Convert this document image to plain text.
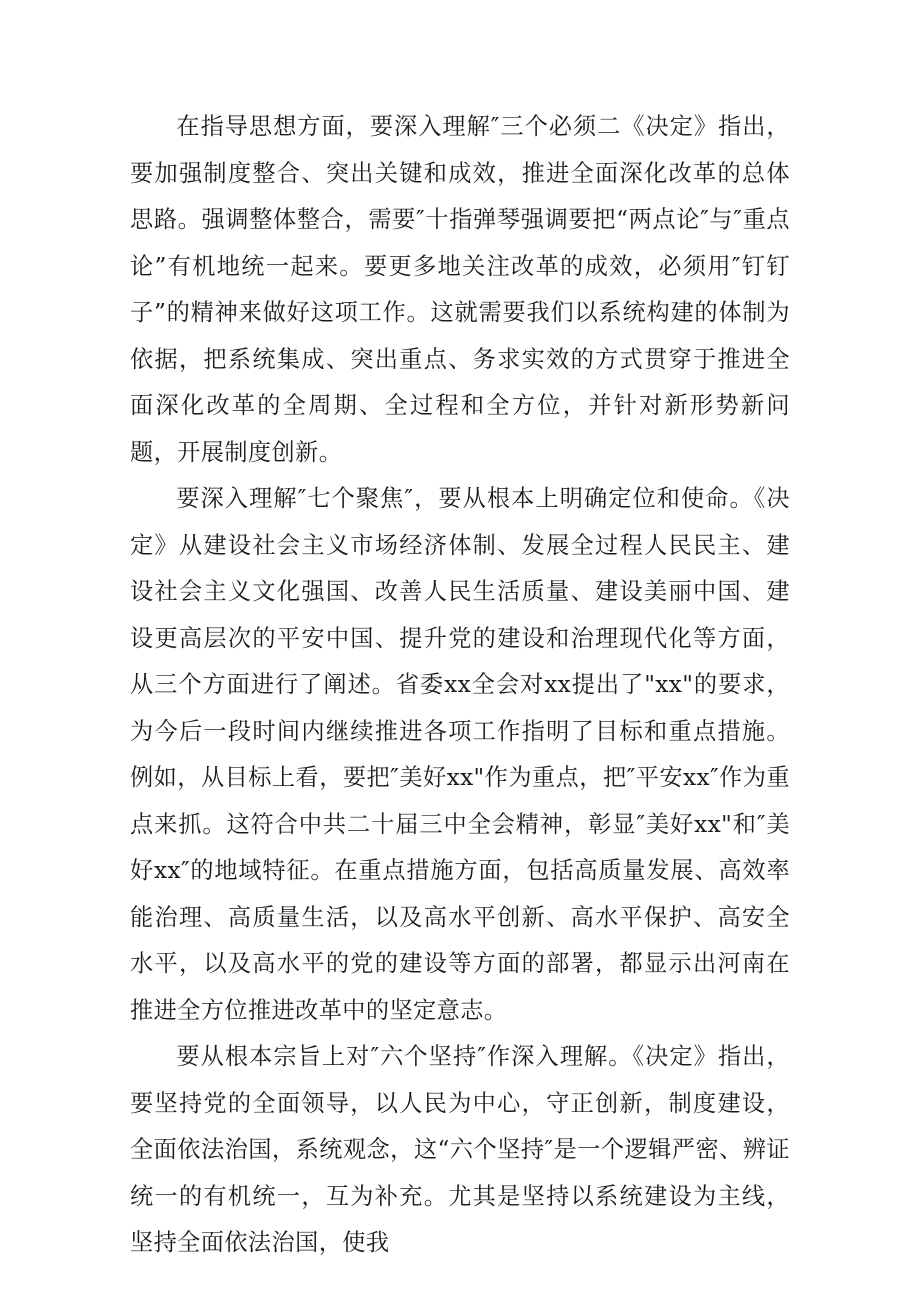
在指导思想方面，要深入理解″三个必须二《决定》指出，要加强制度整合、突出关键和成效，推进全面深化改革的总体思路。强调整体整合，需要″十指弹琴强调要把“两点论″与″重点论”有机地统一起来。要更多地关注改革的成效，必须用″钉钉子”的精神来做好这项工作。这就需要我们以系统构建的体制为依据，把系统集成、突出重点、务求实效的方式贯穿于推进全面深化改革的全周期、全过程和全方位，并针对新形势新问题，开展制度创新。

要深入理解″七个聚焦″，要从根本上明确定位和使命。《决定》从建设社会主义市场经济体制、发展全过程人民民主、建设社会主义文化强国、改善人民生活质量、建设美丽中国、建设更高层次的平安中国、提升党的建设和治理现代化等方面，从三个方面进行了阐述。省委xx全会对xx提出了"xx"的要求，为今后一段时间内继续推进各项工作指明了目标和重点措施。例如，从目标上看，要把″美好xx"作为重点，把″平安xx″作为重点来抓。这符合中共二十届三中全会精神，彰显″美好xx"和″美好xx″的地域特征。在重点措施方面，包括高质量发展、高效率能治理、高质量生活，以及高水平创新、高水平保护、高安全水平，以及高水平的党的建设等方面的部署，都显示出河南在推进全方位推进改革中的坚定意志。

要从根本宗旨上对″六个坚持″作深入理解。《决定》指出，要坚持党的全面领导，以人民为中心，守正创新，制度建设，全面依法治国，系统观念，这“六个坚持″是一个逻辑严密、辨证统一的有机统一，互为补充。尤其是坚持以系统建设为主线，坚持全面依法治国，使我
